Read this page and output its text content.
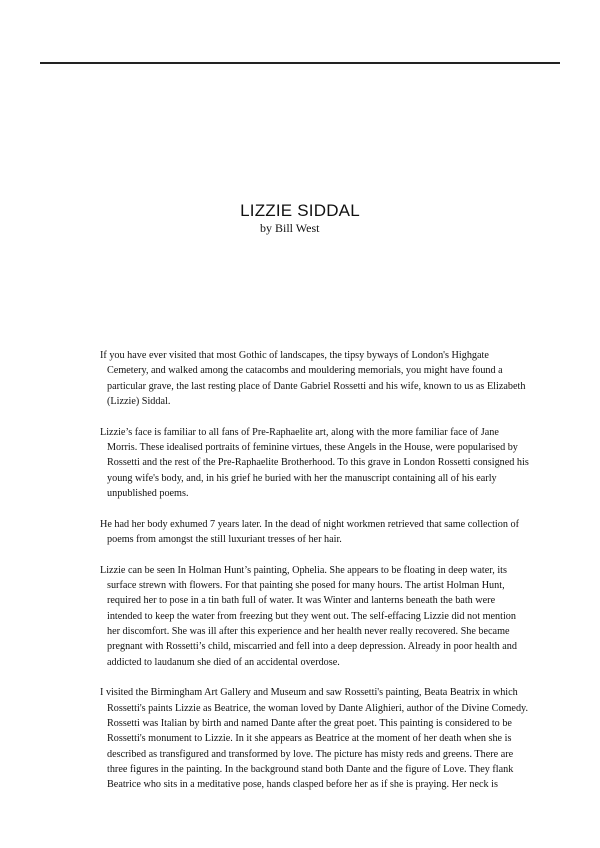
LIZZIE SIDDAL
by Bill West

If you have ever visited that most Gothic of landscapes, the tipsy byways of London's Highgate
Cemetery, and walked among the catacombs and mouldering memorials, you might have found a
particular grave, the last resting place of Dante Gabriel Rossetti and his wife, known to us as Elizabeth
(Lizzie) Siddal.

Lizzie’s face is familiar to all fans of Pre-Raphaelite art, along with the more familiar face of Jane
Morris. These idealised portraits of feminine virtues, these Angels in the House, were popularised by
Rossetti and the rest of the Pre-Raphaelite Brotherhood. To this grave in London Rossetti consigned his
young wife's body, and, in his grief he buried with her the manuscript containing all of his early
unpublished poems.

He had her body exhumed 7 years later. In the dead of night workmen retrieved that same collection of
poems from amongst the still luxuriant tresses of her hair.

Lizzie can be seen In Holman Hunt’s painting, Ophelia. She appears to be floating in deep water, its
surface strewn with flowers. For that painting she posed for many hours. The artist Holman Hunt,
required her to pose in a tin bath full of water. It was Winter and lanterns beneath the bath were
intended to keep the water from freezing but they went out. The self-effacing Lizzie did not mention
her discomfort. She was ill after this experience and her health never really recovered. She became
pregnant with Rossetti’s child, miscarried and fell into a deep depression. Already in poor health and
addicted to laudanum she died of an accidental overdose.

I visited the Birmingham Art Gallery and Museum and saw Rossetti's painting, Beata Beatrix in which
Rossetti's paints Lizzie as Beatrice, the woman loved by Dante Alighieri, author of the Divine Comedy.
Rossetti was Italian by birth and named Dante after the great poet. This painting is considered to be
Rossetti's monument to Lizzie. In it she appears as Beatrice at the moment of her death when she is
described as transfigured and transformed by love. The picture has misty reds and greens. There are
three figures in the painting. In the background stand both Dante and the figure of Love. They flank
Beatrice who sits in a meditative pose, hands clasped before her as if she is praying. Her neck is
